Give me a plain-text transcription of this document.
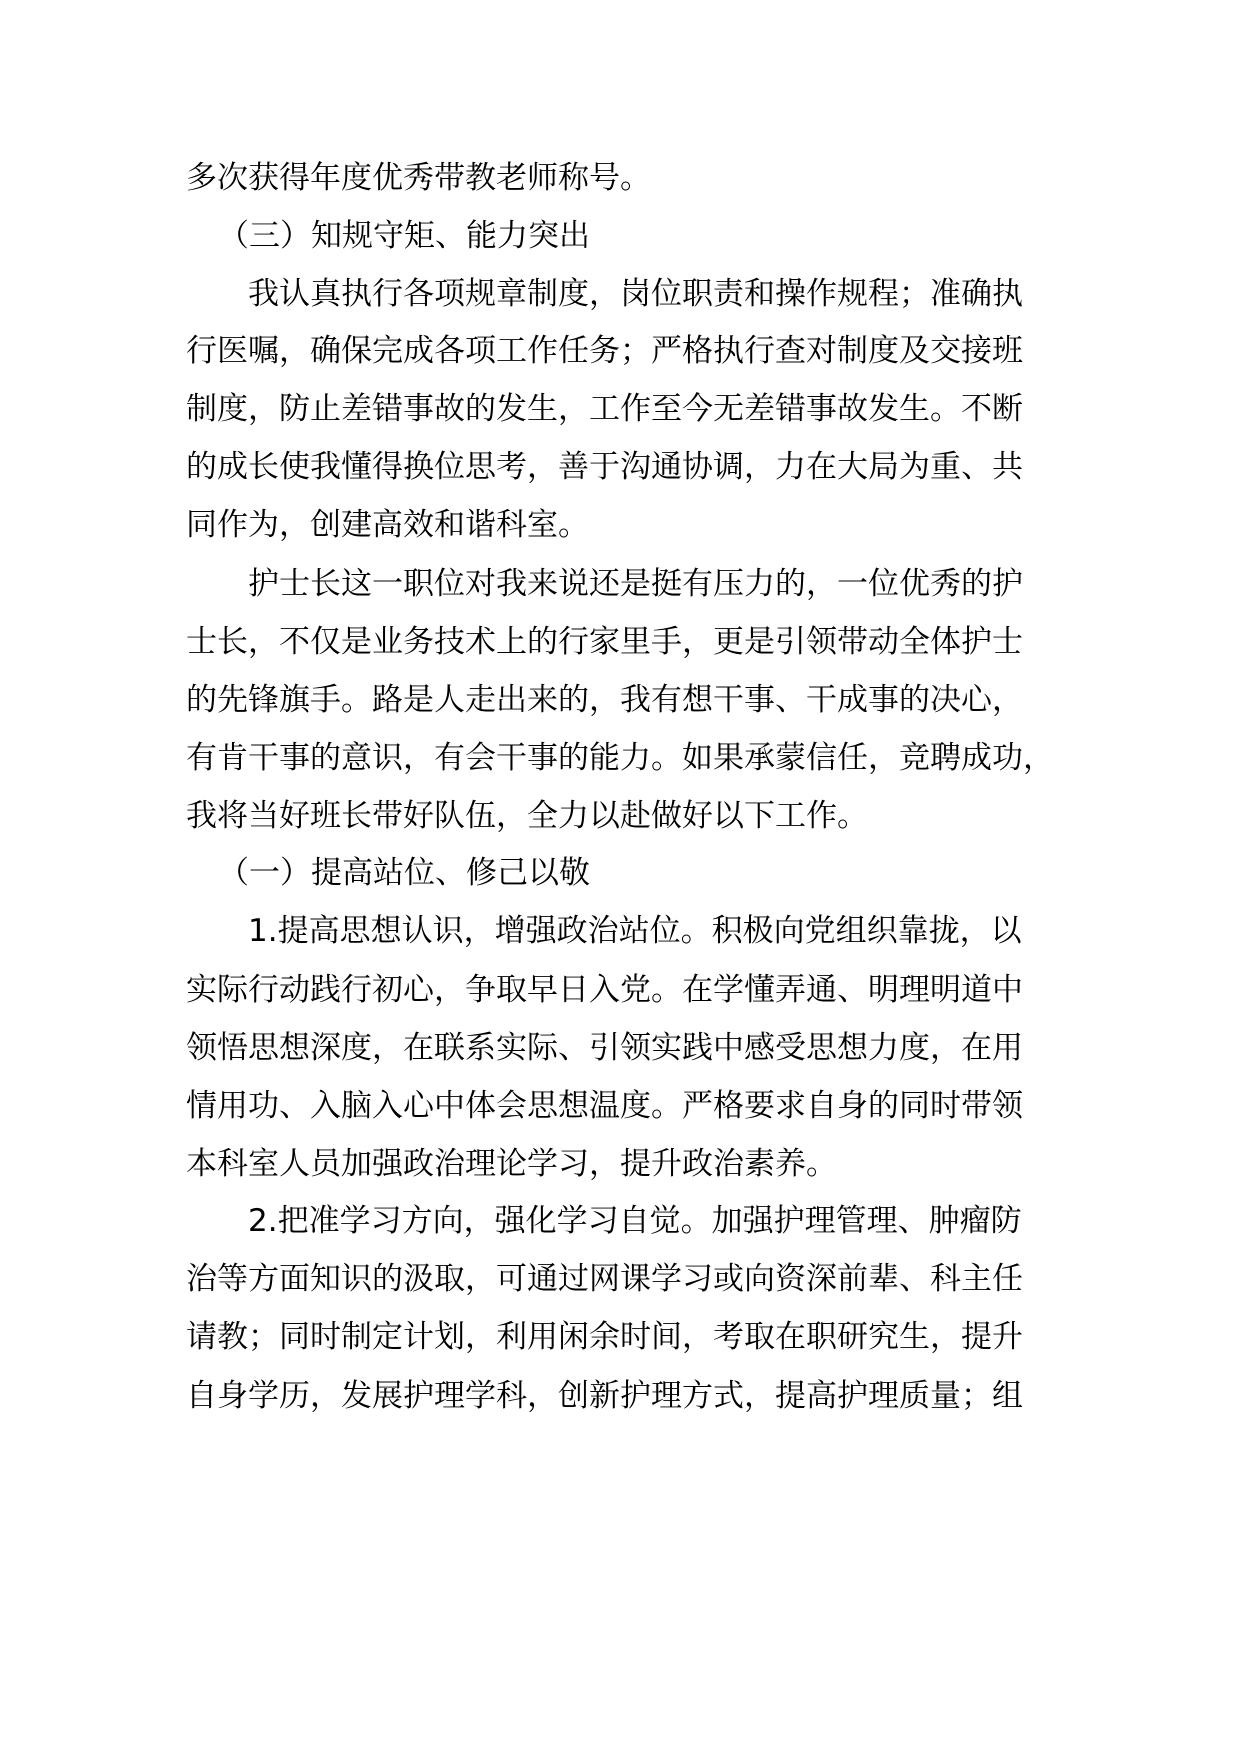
多次获得年度优秀带教老师称号。

（三）知规守矩、能力突出

我认真执行各项规章制度，岗位职责和操作规程；准确执

行医嘱，确保完成各项工作任务；严格执行查对制度及交接班

制度，防止差错事故的发生，工作至今无差错事故发生。不断

的成长使我懂得换位思考，善于沟通协调，力在大局为重、共

同作为，创建高效和谐科室。

护士长这一职位对我来说还是挺有压力的，一位优秀的护

士长，不仅是业务技术上的行家里手，更是引领带动全体护士

的先锋旗手。路是人走出来的，我有想干事、干成事的决心，

有肯干事的意识，有会干事的能力。如果承蒙信任，竞聘成功，

我将当好班长带好队伍，全力以赴做好以下工作。

（一）提高站位、修己以敬

1.提高思想认识，增强政治站位。积极向党组织靠拢，以

实际行动践行初心，争取早日入党。在学懂弄通、明理明道中

领悟思想深度，在联系实际、引领实践中感受思想力度，在用

情用功、入脑入心中体会思想温度。严格要求自身的同时带领

本科室人员加强政治理论学习，提升政治素养。

2.把准学习方向，强化学习自觉。加强护理管理、肿瘤防

治等方面知识的汲取，可通过网课学习或向资深前辈、科主任

请教；同时制定计划，利用闲余时间，考取在职研究生，提升

自身学历，发展护理学科，创新护理方式，提高护理质量；组
